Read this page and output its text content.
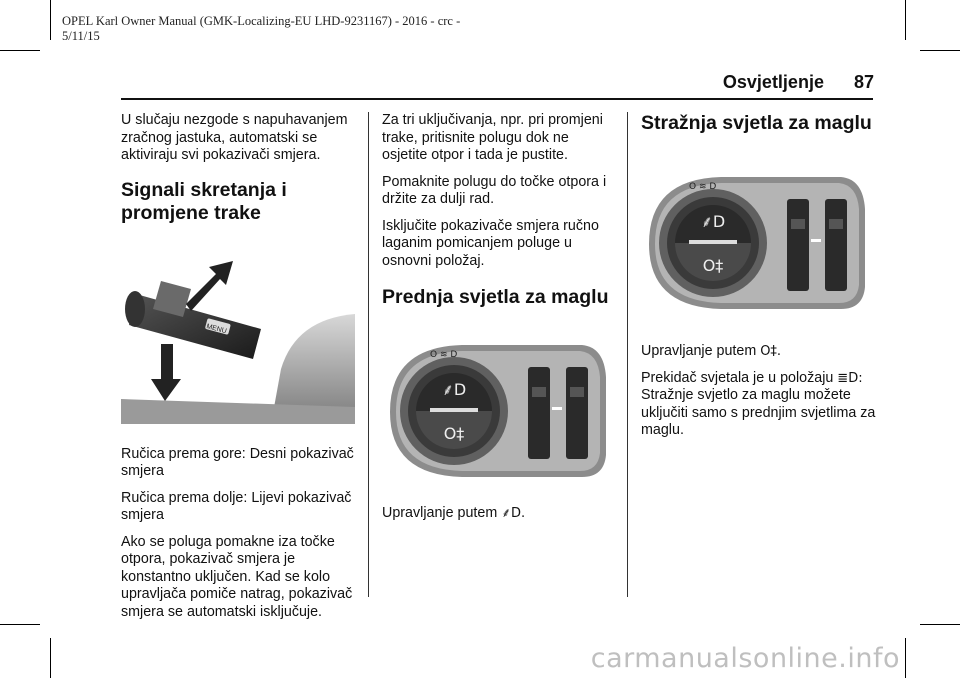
OPEL Karl Owner Manual (GMK-Localizing-EU LHD-9231167) - 2016 - crc -
5/11/15
Osvjetljenje 87

U slučaju nezgode s napuhavanjem zračnog jastuka, automatski se aktiviraju svi pokazivači smjera.

Signali skretanja i promjene trake
MENU

Ručica prema gore: Desni pokazivač smjera

Ručica prema dolje: Lijevi pokazivač smjera

Ako se poluga pomakne iza točke otpora, pokazivač smjera je konstantno uključen. Kad se kolo upravljača pomiče natrag, pokazivač smjera se automatski isključuje.

Za tri uključivanja, npr. pri promjeni trake, pritisnite polugu dok ne osjetite otpor i tada je pustite.

Pomaknite polugu do točke otpora i držite za dulji rad.

Isključite pokazivače smjera ručno laganim pomicanjem poluge u osnovni položaj.

Prednja svjetla za maglu
⸙D
O‡
O ≋ D

Upravljanje putem ⸙D.

Stražnja svjetla za maglu
⸙D
O‡
O ≋ D

Upravljanje putem O‡.

Prekidač svjetala je u položaju ≣D:

Stražnje svjetlo za maglu možete uključiti samo s prednjim svjetlima za maglu.

carmanualsonline.info
